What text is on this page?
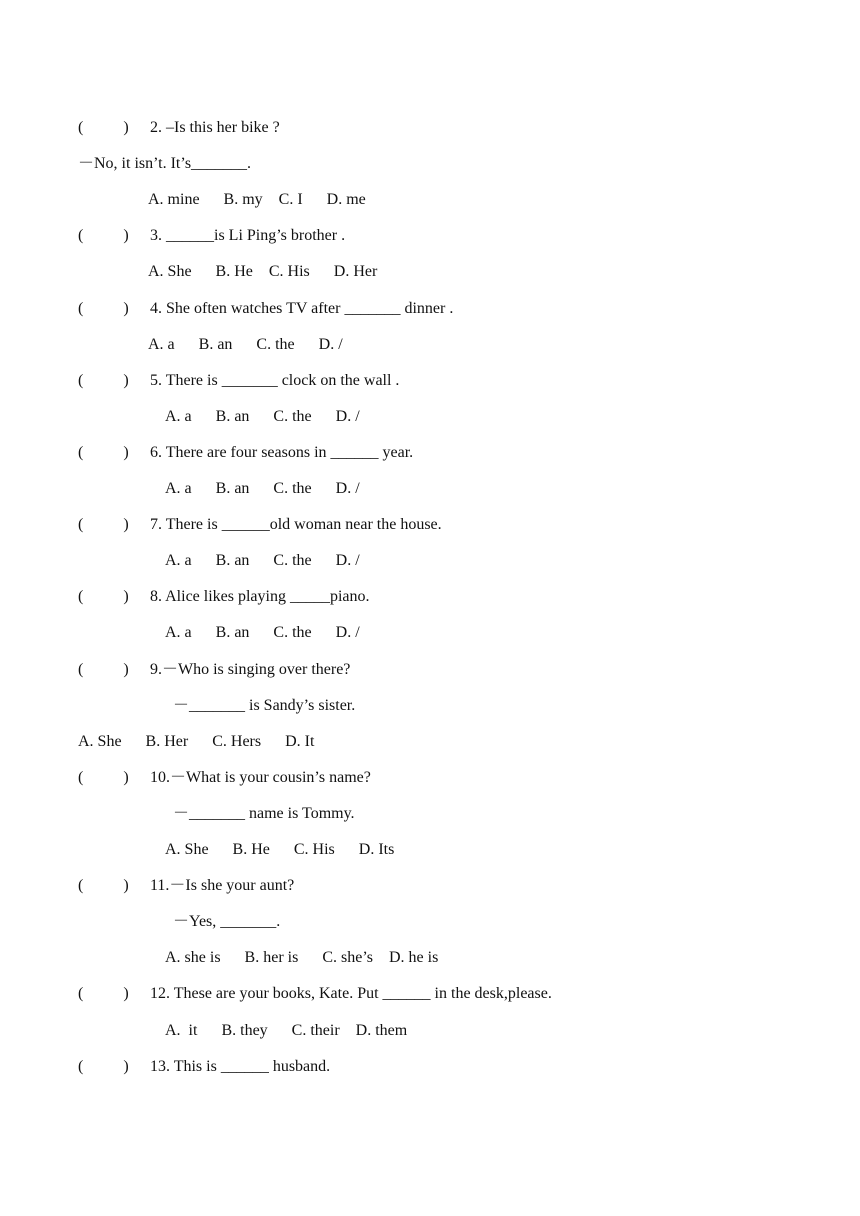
(          ) 2. –Is this her bike ?
－No, it isn’t. It’s_______.
A. mine      B. my    C. I      D. me
(          ) 3. ______is Li Ping’s brother .
A. She      B. He    C. His      D. Her
(          ) 4. She often watches TV after _______ dinner .
A. a      B. an      C. the      D. /
(          ) 5. There is _______ clock on the wall .
A. a      B. an      C. the      D. /
(          ) 6. There are four seasons in ______ year.
A. a      B. an      C. the      D. /
(          ) 7. There is ______old woman near the house.
A. a      B. an      C. the      D. /
(          ) 8. Alice likes playing _____piano.
A. a      B. an      C. the      D. /
(          ) 9.－Who is singing over there?
－_______ is Sandy’s sister.
A. She      B. Her      C. Hers      D. It
(          ) 10.－What is your cousin’s name?
－_______ name is Tommy.
A. She      B. He      C. His      D. Its
(          ) 11.－Is she your aunt?
－Yes, _______.
A. she is      B. her is      C. she’s    D. he is
(          ) 12. These are your books, Kate. Put ______ in the desk,please.
A.  it      B. they      C. their    D. them
(          ) 13. This is ______ husband.
